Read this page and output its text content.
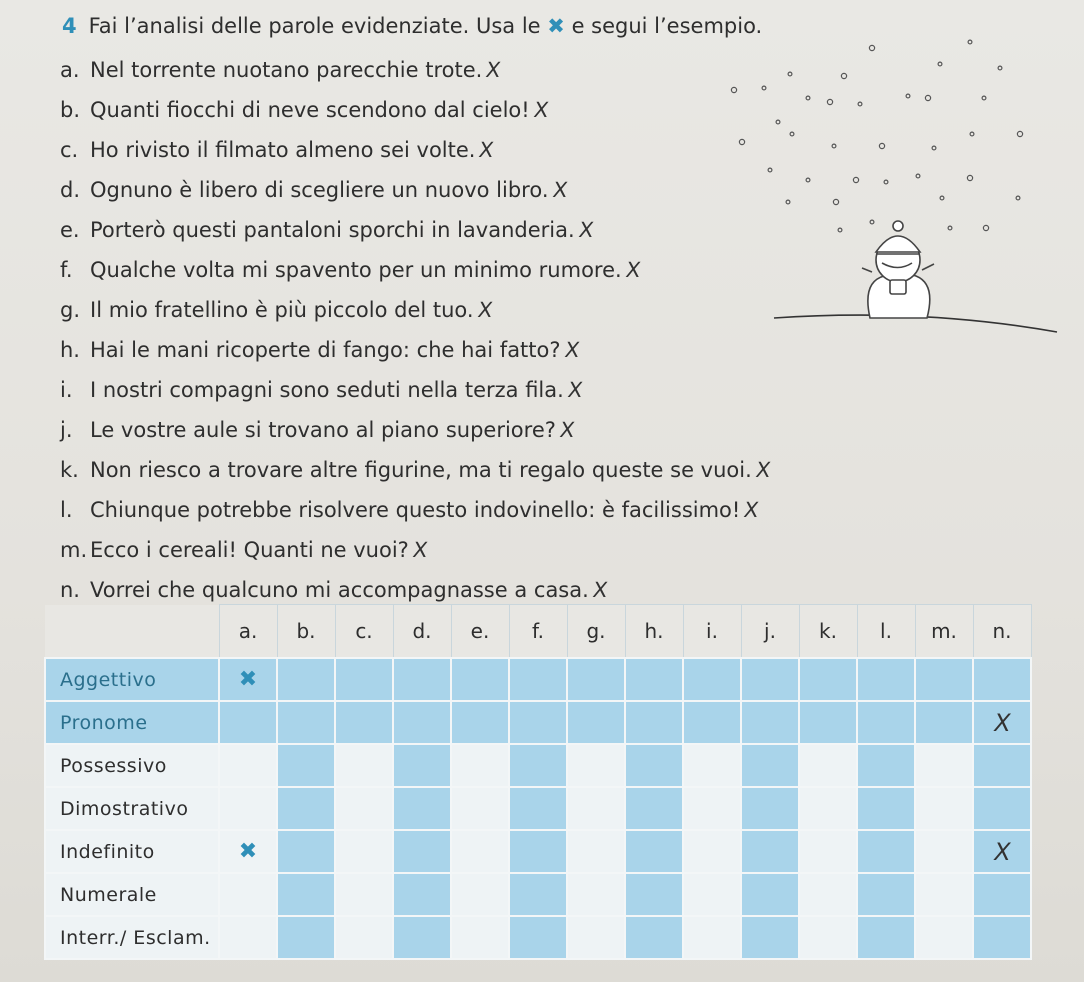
4 Fai l’analisi delle parole evidenziate. Usa le ✖ e segui l’esempio.
a. Nel torrente nuotano parecchie trote. X
b. Quanti fiocchi di neve scendono dal cielo! X
c. Ho rivisto il filmato almeno sei volte. X
d. Ognuno è libero di scegliere un nuovo libro. X
e. Porterò questi pantaloni sporchi in lavanderia. X
f. Qualche volta mi spavento per un minimo rumore. X
g. Il mio fratellino è più piccolo del tuo. X
h. Hai le mani ricoperte di fango: che hai fatto? X
i. I nostri compagni sono seduti nella terza fila. X
j. Le vostre aule si trovano al piano superiore? X
k. Non riesco a trovare altre figurine, ma ti regalo queste se vuoi. X
l. Chiunque potrebbe risolvere questo indovinello: è facilissimo! X
m. Ecco i cereali! Quanti ne vuoi? X
n. Vorrei che qualcuno mi accompagnasse a casa. X
	a.	b.	c.	d.	e.	f.	g.	h.	i.	j.	k.	l.	m.	n.
Aggettivo	✖													
Pronome														X
Possessivo														
Dimostrativo														
Indefinito	✖													X
Numerale														
Interr./ Esclam.														
